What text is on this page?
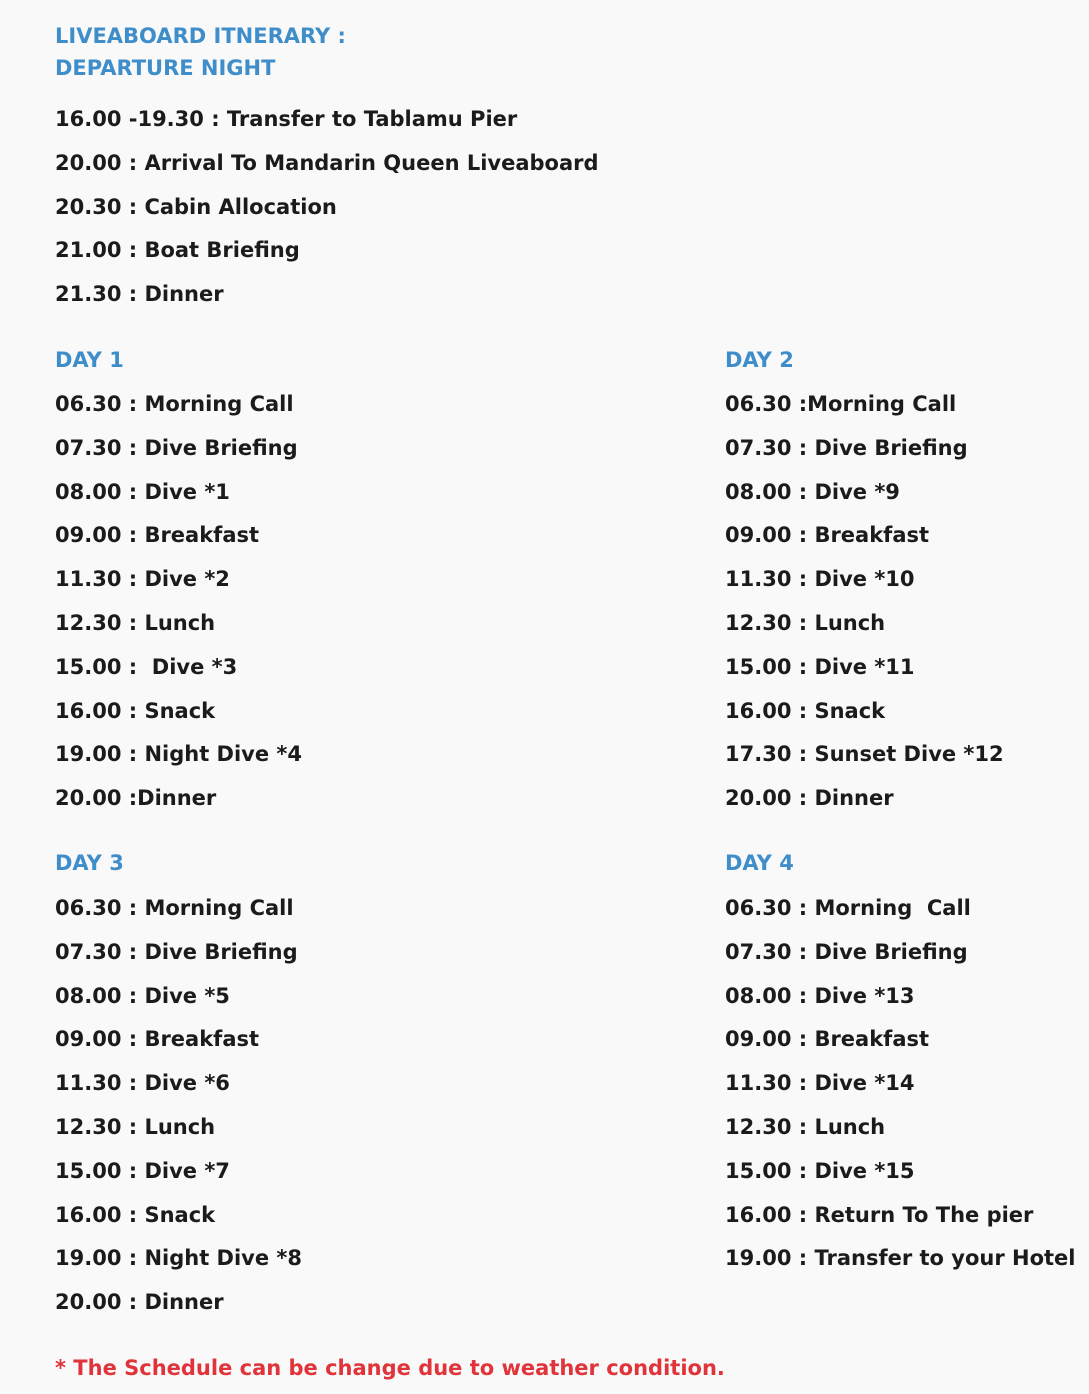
LIVEABOARD ITNERARY :
DEPARTURE NIGHT
16.00 -19.30 : Transfer to Tablamu Pier
20.00 : Arrival To Mandarin Queen Liveaboard
20.30 : Cabin Allocation
21.00 : Boat Briefing
21.30 : Dinner
DAY 1
06.30 : Morning Call
07.30 : Dive Briefing
08.00 : Dive *1
09.00 : Breakfast
11.30 : Dive *2
12.30 : Lunch
15.00 :  Dive *3
16.00 : Snack
19.00 : Night Dive *4
20.00 :Dinner
DAY 2
06.30 :Morning Call
07.30 : Dive Briefing
08.00 : Dive *9
09.00 : Breakfast
11.30 : Dive *10
12.30 : Lunch
15.00 : Dive *11
16.00 : Snack
17.30 : Sunset Dive *12
20.00 : Dinner
DAY 3
06.30 : Morning Call
07.30 : Dive Briefing
08.00 : Dive *5
09.00 : Breakfast
11.30 : Dive *6
12.30 : Lunch
15.00 : Dive *7
16.00 : Snack
19.00 : Night Dive *8
20.00 : Dinner
DAY 4
06.30 : Morning  Call
07.30 : Dive Briefing
08.00 : Dive *13
09.00 : Breakfast
11.30 : Dive *14
12.30 : Lunch
15.00 : Dive *15
16.00 : Return To The pier
19.00 : Transfer to your Hotel
* The Schedule can be change due to weather condition.
